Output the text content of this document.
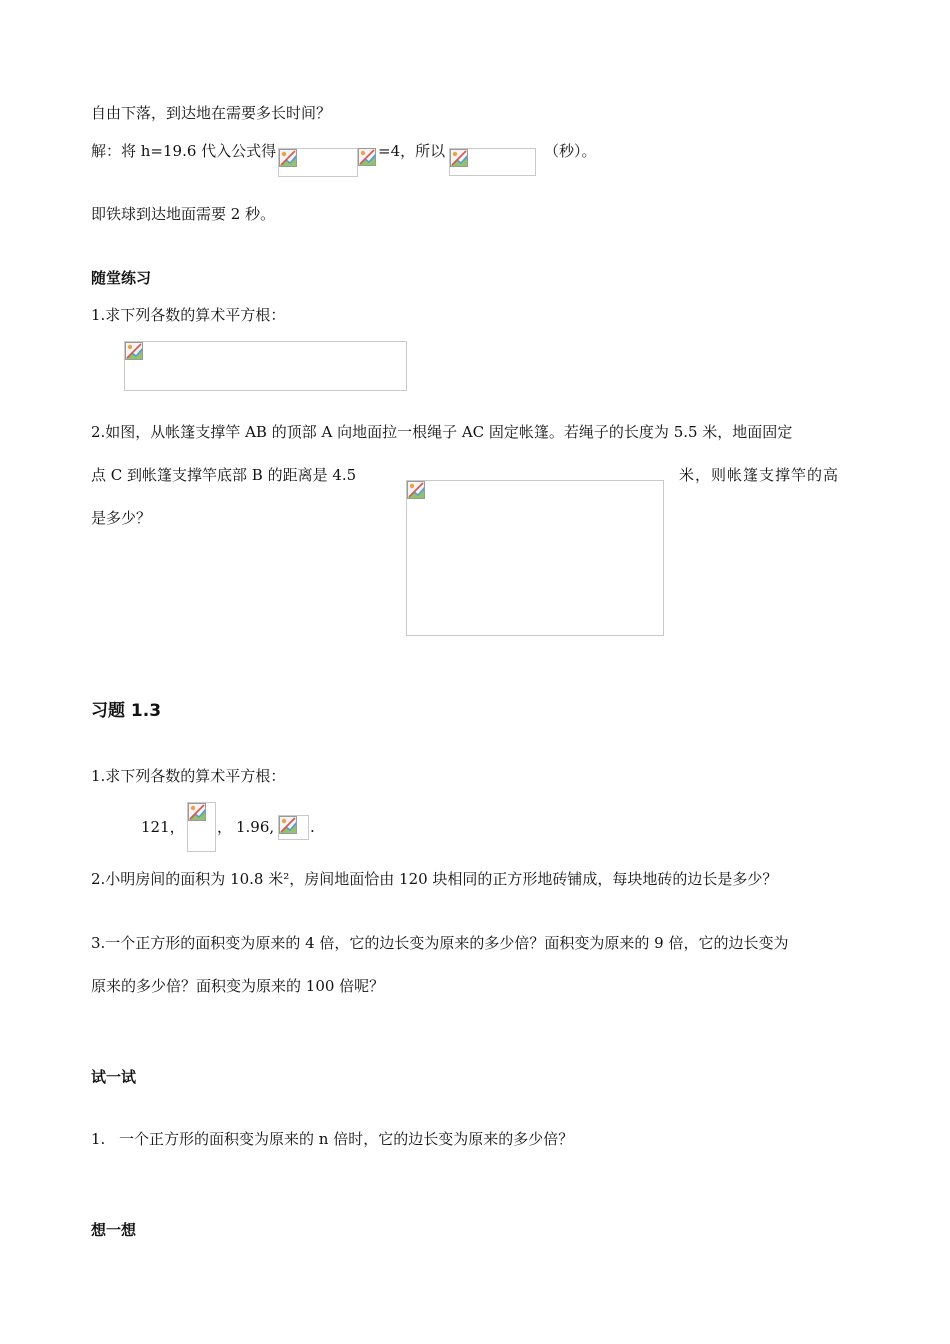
自由下落，到达地在需要多长时间？
解：将 h=19.6 代入公式得	=4，所以	（秒）。
即铁球到达地面需要 2 秒。
随堂练习
1.求下列各数的算术平方根：
2.如图，从帐篷支撑竿 AB 的顶部 A 向地面拉一根绳子 AC 固定帐篷。若绳子的长度为 5.5 米，地面固定
点 C 到帐篷支撑竿底部 B 的距离是 4.5	米，则帐篷支撑竿的高
是多少？
习题 1.3
1.求下列各数的算术平方根：
121， ， 1.96, .
2.小明房间的面积为 10.8 米²，房间地面恰由 120 块相同的正方形地砖铺成，每块地砖的边长是多少？
3.一个正方形的面积变为原来的 4 倍，它的边长变为原来的多少倍？面积变为原来的 9 倍，它的边长变为
原来的多少倍？面积变为原来的 100 倍呢？
试一试
1. 一个正方形的面积变为原来的 n 倍时，它的边长变为原来的多少倍？
想一想
